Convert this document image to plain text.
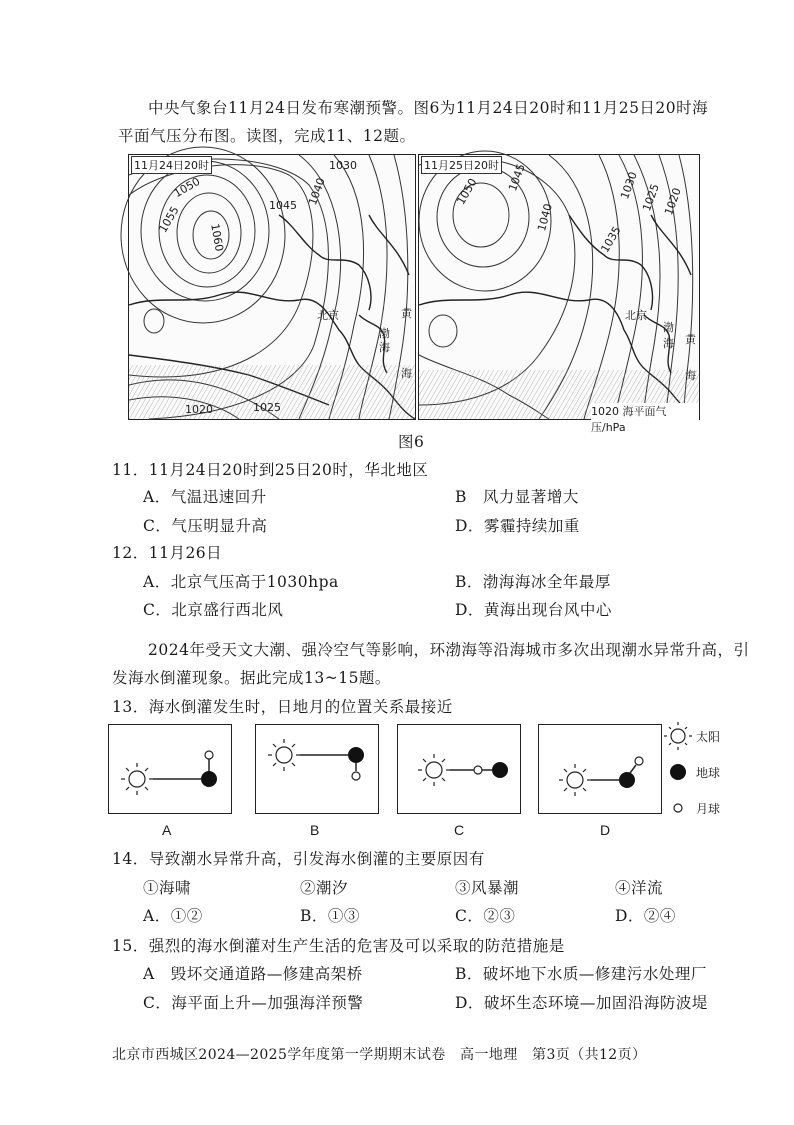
中央气象台11月24日发布寒潮预警。图6为11月24日20时和11月25日20时海
平面气压分布图。读图，完成11、12题。
11月24日20时	1030
1050	1040
1045
1055
1060
1020	1025
北京
渤
海
黄
海
11月25日20时 1045
1050	1030 1025 1020
1040
1035
北京
渤
海 黄
海
1020 海平面气压/hPa
图6
11．11月24日20时到25日20时，华北地区
A．气温迅速回升	B　风力显著增大
C．气压明显升高	D．雾霾持续加重
12．11月26日
A．北京气压高于1030hpa	B．渤海海冰全年最厚
C．北京盛行西北风	D．黄海出现台风中心
2024年受天文大潮、强冷空气等影响，环渤海等沿海城市多次出现潮水异常升高，引
发海水倒灌现象。据此完成13~15题。
13．海水倒灌发生时，日地月的位置关系最接近
A	B	C	D
太阳
地球
月球
14．导致潮水异常升高，引发海水倒灌的主要原因有
①海啸	②潮汐	③风暴潮	④洋流
A．①②	B．①③	C．②③	D．②④
15．强烈的海水倒灌对生产生活的危害及可以采取的防范措施是
A　毁坏交通道路—修建高架桥	B．破坏地下水质—修建污水处理厂
C．海平面上升—加强海洋预警	D．破坏生态环境—加固沿海防波堤
北京市西城区2024—2025学年度第一学期期末试卷　高一地理　第3页（共12页）
